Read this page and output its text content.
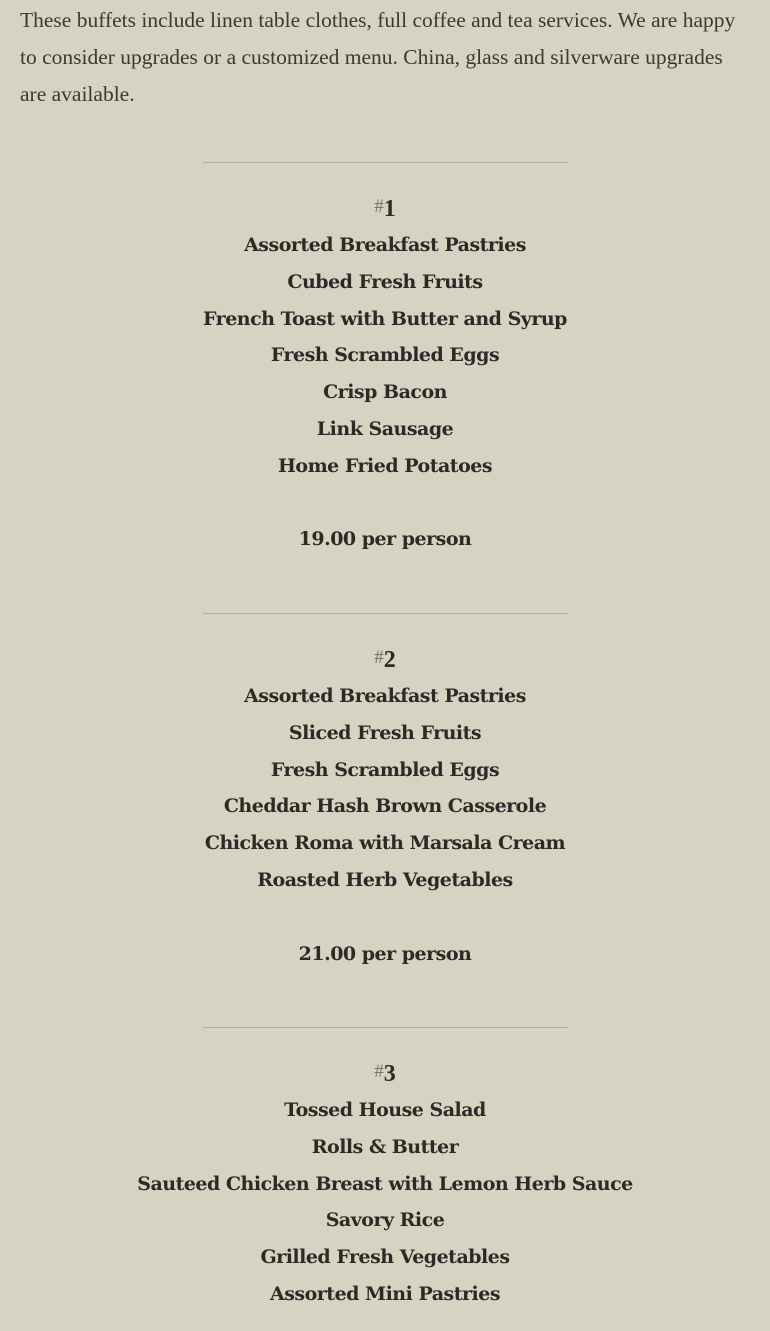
These buffets include linen table clothes, full coffee and tea services. We are happy to consider upgrades or a customized menu. China, glass and silverware upgrades are available.

#1
Assorted Breakfast Pastries
Cubed Fresh Fruits
French Toast with Butter and Syrup
Fresh Scrambled Eggs
Crisp Bacon
Link Sausage
Home Fried Potatoes
19.00 per person
#2
Assorted Breakfast Pastries
Sliced Fresh Fruits
Fresh Scrambled Eggs
Cheddar Hash Brown Casserole
Chicken Roma with Marsala Cream
Roasted Herb Vegetables
21.00 per person
#3
Tossed House Salad
Rolls & Butter
Sauteed Chicken Breast with Lemon Herb Sauce
Savory Rice
Grilled Fresh Vegetables
Assorted Mini Pastries
